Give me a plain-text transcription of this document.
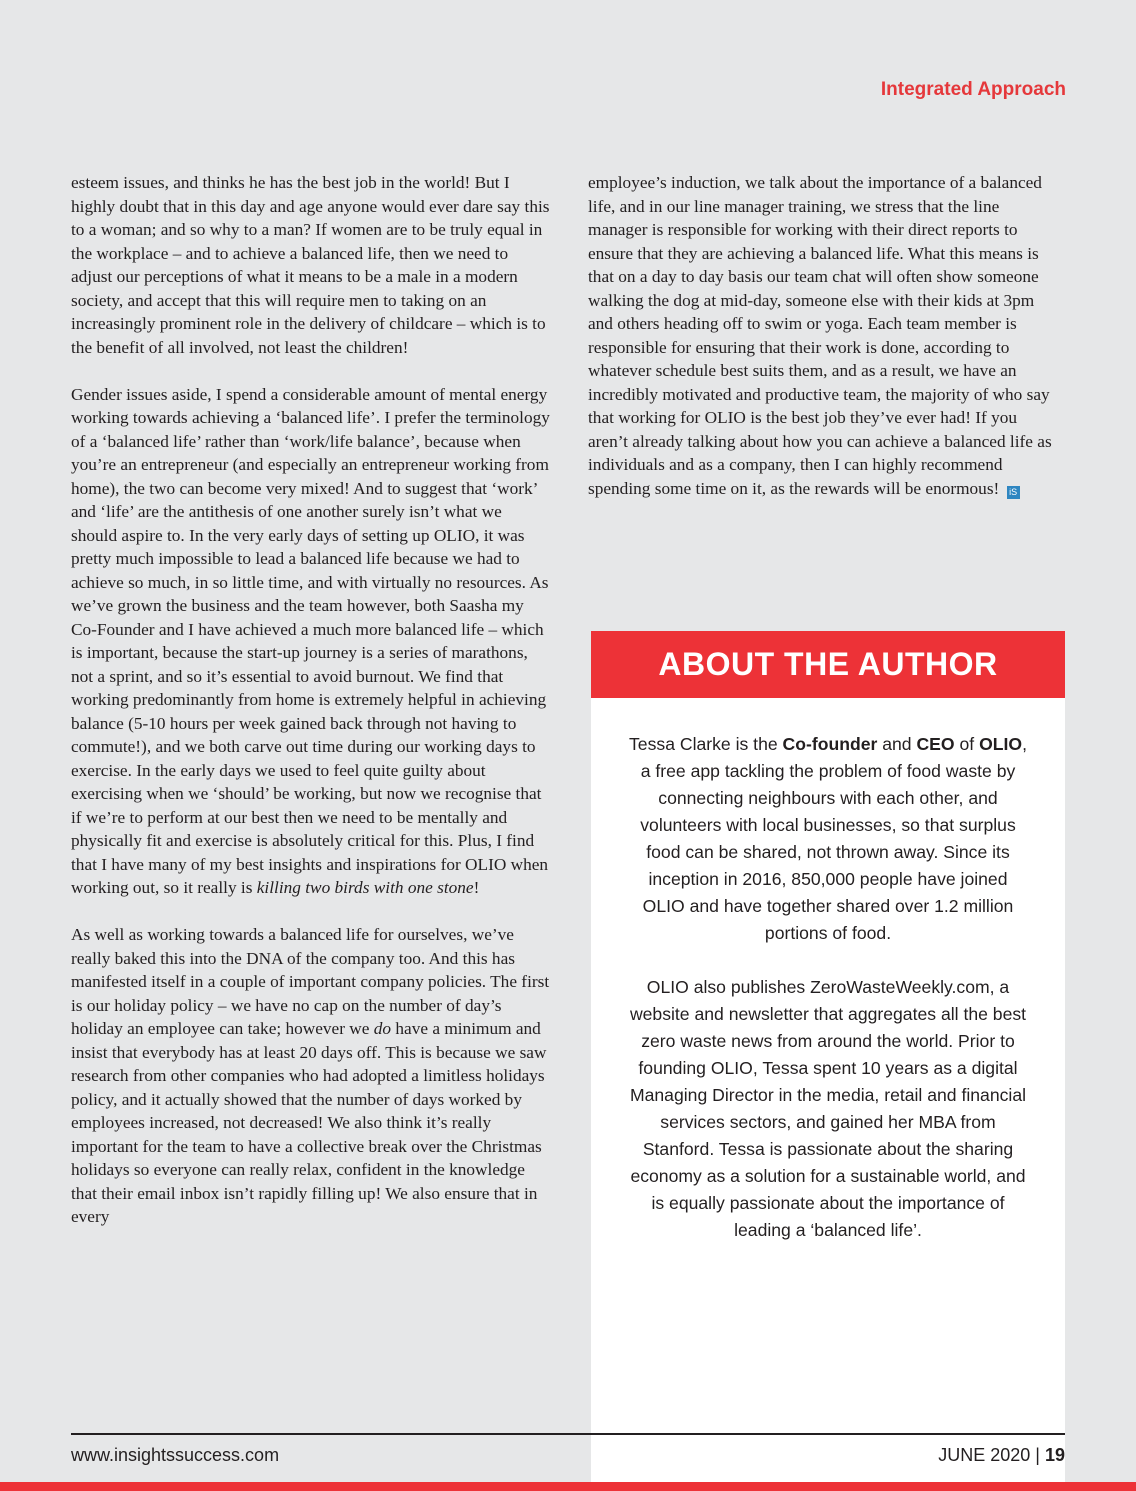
Integrated Approach

esteem issues, and thinks he has the best job in the world! But I highly doubt that in this day and age anyone would ever dare say this to a woman; and so why to a man? If women are to be truly equal in the workplace – and to achieve a balanced life, then we need to adjust our perceptions of what it means to be a male in a modern society, and accept that this will require men to taking on an increasingly prominent role in the delivery of childcare – which is to the benefit of all involved, not least the children!

Gender issues aside, I spend a considerable amount of mental energy working towards achieving a ‘balanced life’. I prefer the terminology of a ‘balanced life’ rather than ‘work/life balance’, because when you’re an entrepreneur (and especially an entrepreneur working from home), the two can become very mixed! And to suggest that ‘work’ and ‘life’ are the antithesis of one another surely isn’t what we should aspire to. In the very early days of setting up OLIO, it was pretty much impossible to lead a balanced life because we had to achieve so much, in so little time, and with virtually no resources. As we’ve grown the business and the team however, both Saasha my Co-Founder and I have achieved a much more balanced life – which is important, because the start-up journey is a series of marathons, not a sprint, and so it’s essential to avoid burnout. We find that working predominantly from home is extremely helpful in achieving balance (5-10 hours per week gained back through not having to commute!), and we both carve out time during our working days to exercise. In the early days we used to feel quite guilty about exercising when we ‘should’ be working, but now we recognise that if we’re to perform at our best then we need to be mentally and physically fit and exercise is absolutely critical for this. Plus, I find that I have many of my best insights and inspirations for OLIO when working out, so it really is killing two birds with one stone!

As well as working towards a balanced life for ourselves, we’ve really baked this into the DNA of the company too. And this has manifested itself in a couple of important company policies. The first is our holiday policy – we have no cap on the number of day’s holiday an employee can take; however we do have a minimum and insist that everybody has at least 20 days off. This is because we saw research from other companies who had adopted a limitless holidays policy, and it actually showed that the number of days worked by employees increased, not decreased! We also think it’s really important for the team to have a collective break over the Christmas holidays so everyone can really relax, confident in the knowledge that their email inbox isn’t rapidly filling up! We also ensure that in every

employee’s induction, we talk about the importance of a balanced life, and in our line manager training, we stress that the line manager is responsible for working with their direct reports to ensure that they are achieving a balanced life. What this means is that on a day to day basis our team chat will often show someone walking the dog at mid-day, someone else with their kids at 3pm and others heading off to swim or yoga. Each team member is responsible for ensuring that their work is done, according to whatever schedule best suits them, and as a result, we have an incredibly motivated and productive team, the majority of who say that working for OLIO is the best job they’ve ever had! If you aren’t already talking about how you can achieve a balanced life as individuals and as a company, then I can highly recommend spending some time on it, as the rewards will be enormous! iS

ABOUT THE AUTHOR

Tessa Clarke is the Co-founder and CEO of OLIO, a free app tackling the problem of food waste by connecting neighbours with each other, and volunteers with local businesses, so that surplus food can be shared, not thrown away. Since its inception in 2016, 850,000 people have joined OLIO and have together shared over 1.2 million portions of food.

OLIO also publishes ZeroWasteWeekly.com, a website and newsletter that aggregates all the best zero waste news from around the world. Prior to founding OLIO, Tessa spent 10 years as a digital Managing Director in the media, retail and financial services sectors, and gained her MBA from Stanford. Tessa is passionate about the sharing economy as a solution for a sustainable world, and is equally passionate about the importance of leading a ‘balanced life’.

www.insightssuccess.com	JUNE 2020 | 19
